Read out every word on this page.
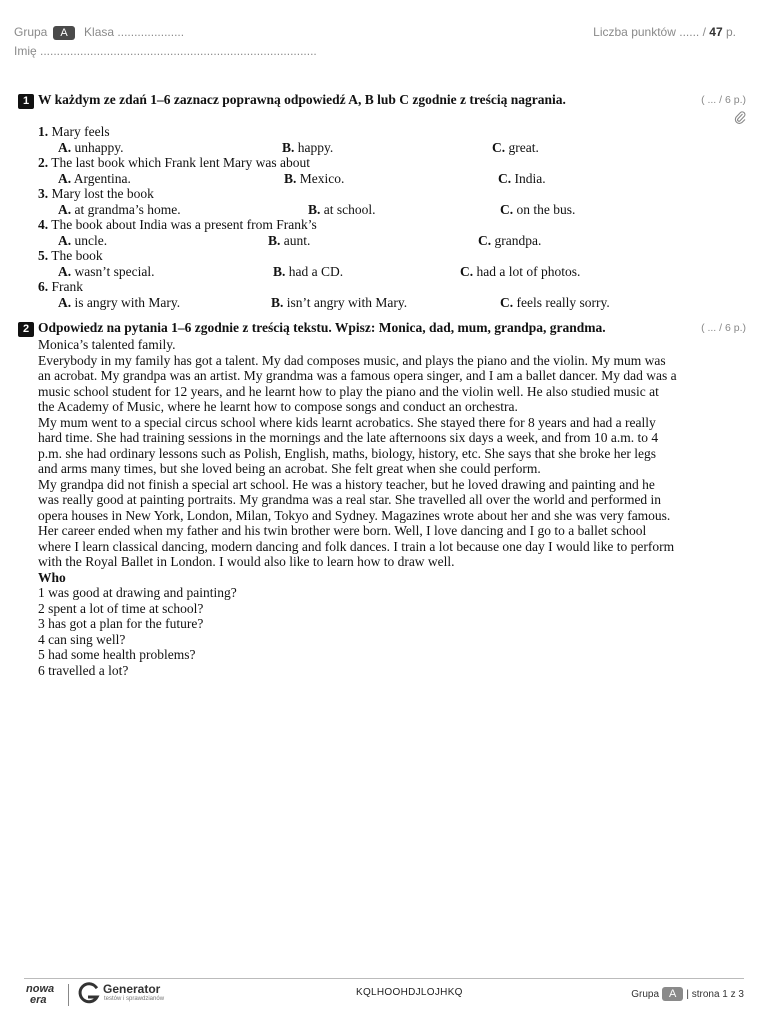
Grupa A Klasa ....................
Imię ...................................................................................
Liczba punktów ...... / 47 p.
1 W każdym ze zdań 1–6 zaznacz poprawną odpowiedź A, B lub C zgodnie z treścią nagrania.	( ... / 6 p.)
1. Mary feels
A. unhappy.	B. happy.	C. great.
2. The last book which Frank lent Mary was about
A. Argentina.	B. Mexico.	C. India.
3. Mary lost the book
A. at grandma’s home.	B. at school.	C. on the bus.
4. The book about India was a present from Frank’s
A. uncle.	B. aunt.	C. grandpa.
5. The book
A. wasn’t special.	B. had a CD.	C. had a lot of photos.
6. Frank
A. is angry with Mary.	B. isn’t angry with Mary.	C. feels really sorry.
2 Odpowiedz na pytania 1–6 zgodnie z treścią tekstu. Wpisz: Monica, dad, mum, grandpa, grandma.	( ... / 6 p.)

Monica’s talented family.

Everybody in my family has got a talent. My dad composes music, and plays the piano and the violin. My mum was an acrobat. My grandpa was an artist. My grandma was a famous opera singer, and I am a ballet dancer. My dad was a music school student for 12 years, and he learnt how to play the piano and the violin well. He also studied music at the Academy of Music, where he learnt how to compose songs and conduct an orchestra.

My mum went to a special circus school where kids learnt acrobatics. She stayed there for 8 years and had a really hard time. She had training sessions in the mornings and the late afternoons six days a week, and from 10 a.m. to 4 p.m. she had ordinary lessons such as Polish, English, maths, biology, history, etc. She says that she broke her legs and arms many times, but she loved being an acrobat. She felt great when she could perform.

My grandpa did not finish a special art school. He was a history teacher, but he loved drawing and painting and he was really good at painting portraits. My grandma was a real star. She travelled all over the world and performed in opera houses in New York, London, Milan, Tokyo and Sydney. Magazines wrote about her and she was very famous. Her career ended when my father and his twin brother were born. Well, I love dancing and I go to a ballet school where I learn classical dancing, modern dancing and folk dances. I train a lot because one day I would like to perform with the Royal Ballet in London. I would also like to learn how to draw well.

Who

1 was good at drawing and painting?

2 spent a lot of time at school?

3 has got a plan for the future?

4 can sing well?

5 had some health problems?

6 travelled a lot?

nowa
era
Generator
testów i sprawdzianów
KQLHOOHDJLOJHKQ	Grupa A | strona 1 z 3
